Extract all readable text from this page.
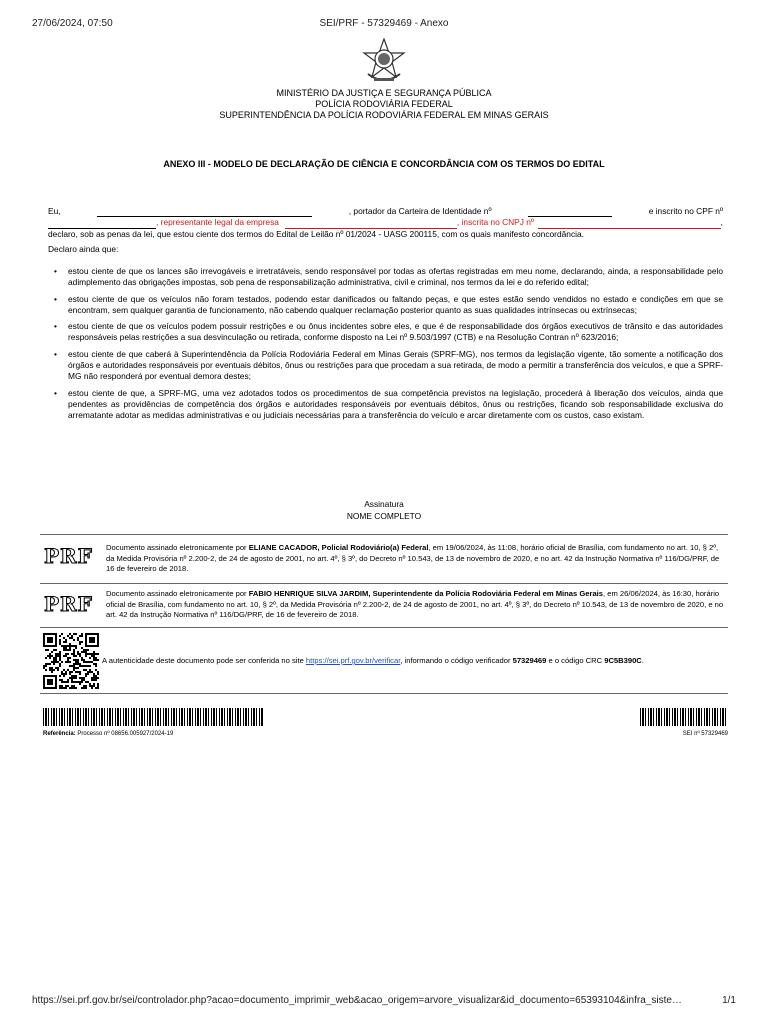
27/06/2024, 07:50	SEI/PRF - 57329469 - Anexo
MINISTÉRIO DA JUSTIÇA E SEGURANÇA PÚBLICA
POLÍCIA RODOVIÁRIA FEDERAL
SUPERINTENDÊNCIA DA POLÍCIA RODOVIÁRIA FEDERAL EM MINAS GERAIS
ANEXO III - MODELO DE DECLARAÇÃO DE CIÊNCIA E CONCORDÂNCIA COM OS TERMOS DO EDITAL
Eu,	, portador da Carteira de Identidade nº	e inscrito no CPF nº
, representante legal da empresa	, inscrita no CNPJ nº	,
declaro, sob as penas da lei, que estou ciente dos termos do Edital de Leilão nº 01/2024 - UASG 200115, com os quais manifesto concordância.
Declaro ainda que:
• estou ciente de que os lances são irrevogáveis e irretratáveis, sendo responsável por todas as ofertas registradas em meu nome, declarando, ainda, a responsabilidade pelo adimplemento das obrigações impostas, sob pena de responsabilização administrativa, civil e criminal, nos termos da lei e do referido edital;
• estou ciente de que os veículos não foram testados, podendo estar danificados ou faltando peças, e que estes estão sendo vendidos no estado e condições em que se encontram, sem qualquer garantia de funcionamento, não cabendo qualquer reclamação posterior quanto as suas qualidades intrínsecas ou extrínsecas;
• estou ciente de que os veículos podem possuir restrições e ou ônus incidentes sobre eles, e que é de responsabilidade dos órgãos executivos de trânsito e das autoridades responsáveis pelas restrições a sua desvinculação ou retirada, conforme disposto na Lei nº 9.503/1997 (CTB) e na Resolução Contran nº 623/2016;
• estou ciente de que caberá à Superintendência da Polícia Rodoviária Federal em Minas Gerais (SPRF-MG), nos termos da legislação vigente, tão somente a notificação dos órgãos e autoridades responsáveis por eventuais débitos, ônus ou restrições para que procedam a sua retirada, de modo a permitir a transferência dos veículos, e que a SPRF-MG não responderá por eventual demora destes;
• estou ciente de que, a SPRF-MG, uma vez adotados todos os procedimentos de sua competência previstos na legislação, procederá à liberação dos veículos, ainda que pendentes as providências de competência dos órgãos e autoridades responsáveis por eventuais débitos, ônus ou restrições, ficando sob responsabilidade exclusiva do arrematante adotar as medidas administrativas e ou judiciais necessárias para a transferência do veículo e arcar diretamente com os custos, caso existam.
Assinatura
NOME COMPLETO
PRF Documento assinado eletronicamente por ELIANE CACADOR, Policial Rodoviário(a) Federal, em 19/06/2024, às 11:08, horário oficial de Brasília, com fundamento no art. 10, § 2º, da Medida Provisória nº 2.200-2, de 24 de agosto de 2001, no art. 4º, § 3º, do Decreto nº 10.543, de 13 de novembro de 2020, e no art. 42 da Instrução Normativa nº 116/DG/PRF, de 16 de fevereiro de 2018.
PRF Documento assinado eletronicamente por FABIO HENRIQUE SILVA JARDIM, Superintendente da Polícia Rodoviária Federal em Minas Gerais, em 26/06/2024, às 16:30, horário oficial de Brasília, com fundamento no art. 10, § 2º, da Medida Provisória nº 2.200-2, de 24 de agosto de 2001, no art. 4º, § 3º, do Decreto nº 10.543, de 13 de novembro de 2020, e no art. 42 da Instrução Normativa nº 116/DG/PRF, de 16 de fevereiro de 2018.
A autenticidade deste documento pode ser conferida no site https://sei.prf.gov.br/verificar, informando o código verificador 57329469 e o código CRC 9C5B390C.
Referência: Processo nº 08656.005927/2024-19	SEI nº 57329469
https://sei.prf.gov.br/sei/controlador.php?acao=documento_imprimir_web&acao_origem=arvore_visualizar&id_documento=65393104&infra_siste…	1/1
